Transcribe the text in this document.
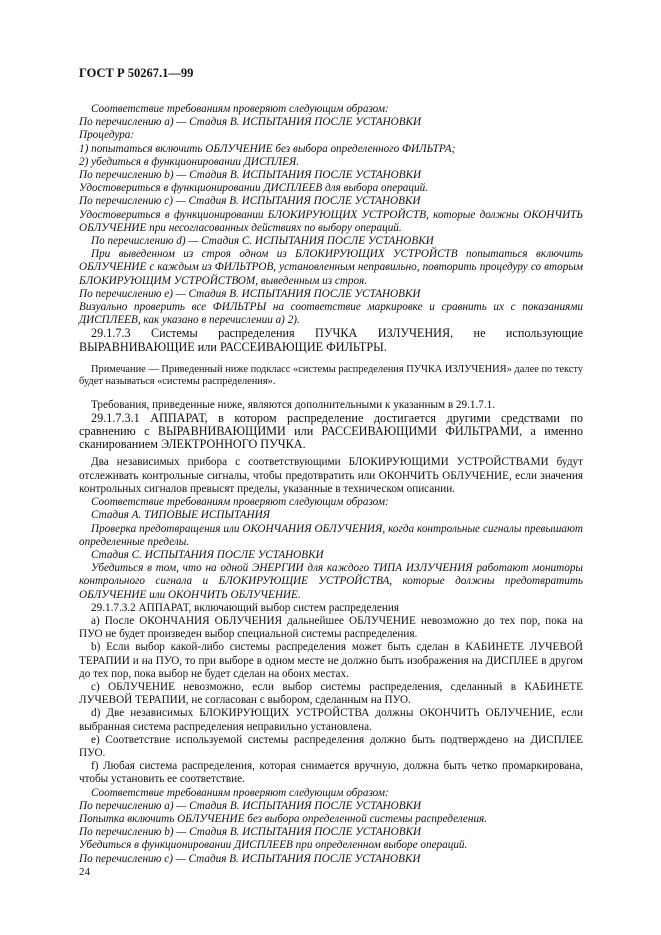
ГОСТ Р 50267.1—99

Соответствие требованиям проверяют следующим образом:

По перечислению а) — Стадия В. ИСПЫТАНИЯ ПОСЛЕ УСТАНОВКИ

Процедура:

1) попытаться включить ОБЛУЧЕНИЕ без выбора определенного ФИЛЬТРА;

2) убедиться в функционировании ДИСПЛЕЯ.

По перечислению b) — Стадия В. ИСПЫТАНИЯ ПОСЛЕ УСТАНОВКИ

Удостовериться в функционировании ДИСПЛЕЕВ для выбора операций.

По перечислению с) — Стадия В. ИСПЫТАНИЯ ПОСЛЕ УСТАНОВКИ

Удостовериться в функционировании БЛОКИРУЮЩИХ УСТРОЙСТВ, которые должны ОКОНЧИТЬ ОБЛУЧЕНИЕ при несогласованных действиях по выбору операций.

По перечислению d) — Стадия С. ИСПЫТАНИЯ ПОСЛЕ УСТАНОВКИ

При выведенном из строя одном из БЛОКИРУЮЩИХ УСТРОЙСТВ попытаться включить ОБЛУЧЕНИЕ с каждым из ФИЛЬТРОВ, установленным неправильно, повторить процедуру со вторым БЛОКИРУЮЩИМ УСТРОЙСТВОМ, выведенным из строя.

По перечислению е) — Стадия В. ИСПЫТАНИЯ ПОСЛЕ УСТАНОВКИ

Визуально проверить все ФИЛЬТРЫ на соответствие маркировке и сравнить их с показаниями ДИСПЛЕЕВ, как указано в перечислении а) 2).

29.1.7.3 Системы распределения ПУЧКА ИЗЛУЧЕНИЯ, не использующие ВЫРАВНИВАЮЩИЕ или РАССЕИВАЮЩИЕ ФИЛЬТРЫ.

Примечание — Приведенный ниже подкласс «системы распределения ПУЧКА ИЗЛУЧЕНИЯ» далее по тексту будет называться «системы распределения».

Требования, приведенные ниже, являются дополнительными к указанным в 29.1.7.1.

29.1.7.3.1 АППАРАТ, в котором распределение достигается другими средствами по сравнению с ВЫРАВНИВАЮЩИМИ или РАССЕИВАЮЩИМИ ФИЛЬТРАМИ, а именно сканированием ЭЛЕКТРОННОГО ПУЧКА.

Два независимых прибора с соответствующими БЛОКИРУЮЩИМИ УСТРОЙСТВАМИ будут отслеживать контрольные сигналы, чтобы предотвратить или ОКОНЧИТЬ ОБЛУЧЕНИЕ, если значения контрольных сигналов превысят пределы, указанные в техническом описании.

Соответствие требованиям проверяют следующим образом:

Стадия А. ТИПОВЫЕ ИСПЫТАНИЯ

Проверка предотвращения или ОКОНЧАНИЯ ОБЛУЧЕНИЯ, когда контрольные сигналы превышают определенные пределы.

Стадия С. ИСПЫТАНИЯ ПОСЛЕ УСТАНОВКИ

Убедиться в том, что на одной ЭНЕРГИИ для каждого ТИПА ИЗЛУЧЕНИЯ работают мониторы контрольного сигнала и БЛОКИРУЮЩИЕ УСТРОЙСТВА, которые должны предотвратить ОБЛУЧЕНИЕ или ОКОНЧИТЬ ОБЛУЧЕНИЕ.

29.1.7.3.2 АППАРАТ, включающий выбор систем распределения

а) После ОКОНЧАНИЯ ОБЛУЧЕНИЯ дальнейшее ОБЛУЧЕНИЕ невозможно до тех пор, пока на ПУО не будет произведен выбор специальной системы распределения.

b) Если выбор какой-либо системы распределения может быть сделан в КАБИНЕТЕ ЛУЧЕВОЙ ТЕРАПИИ и на ПУО, то при выборе в одном месте не должно быть изображения на ДИСПЛЕЕ в другом до тех пор, пока выбор не будет сделан на обоих местах.

с) ОБЛУЧЕНИЕ невозможно, если выбор системы распределения, сделанный в КАБИНЕТЕ ЛУЧЕВОЙ ТЕРАПИИ, не согласован с выбором, сделанным на ПУО.

d) Две независимых БЛОКИРУЮЩИХ УСТРОЙСТВА должны ОКОНЧИТЬ ОБЛУЧЕНИЕ, если выбранная система распределения неправильно установлена.

е) Соответствие используемой системы распределения должно быть подтверждено на ДИСПЛЕЕ ПУО.

f) Любая система распределения, которая снимается вручную, должна быть четко промаркирована, чтобы установить ее соответствие.

Соответствие требованиям проверяют следующим образом:

По перечислению а) — Стадия В. ИСПЫТАНИЯ ПОСЛЕ УСТАНОВКИ

Попытка включить ОБЛУЧЕНИЕ без выбора определенной системы распределения.

По перечислению b) — Стадия В. ИСПЫТАНИЯ ПОСЛЕ УСТАНОВКИ

Убедиться в функционировании ДИСПЛЕЕВ при определенном выборе операций.

По перечислению с) — Стадия В. ИСПЫТАНИЯ ПОСЛЕ УСТАНОВКИ

24
